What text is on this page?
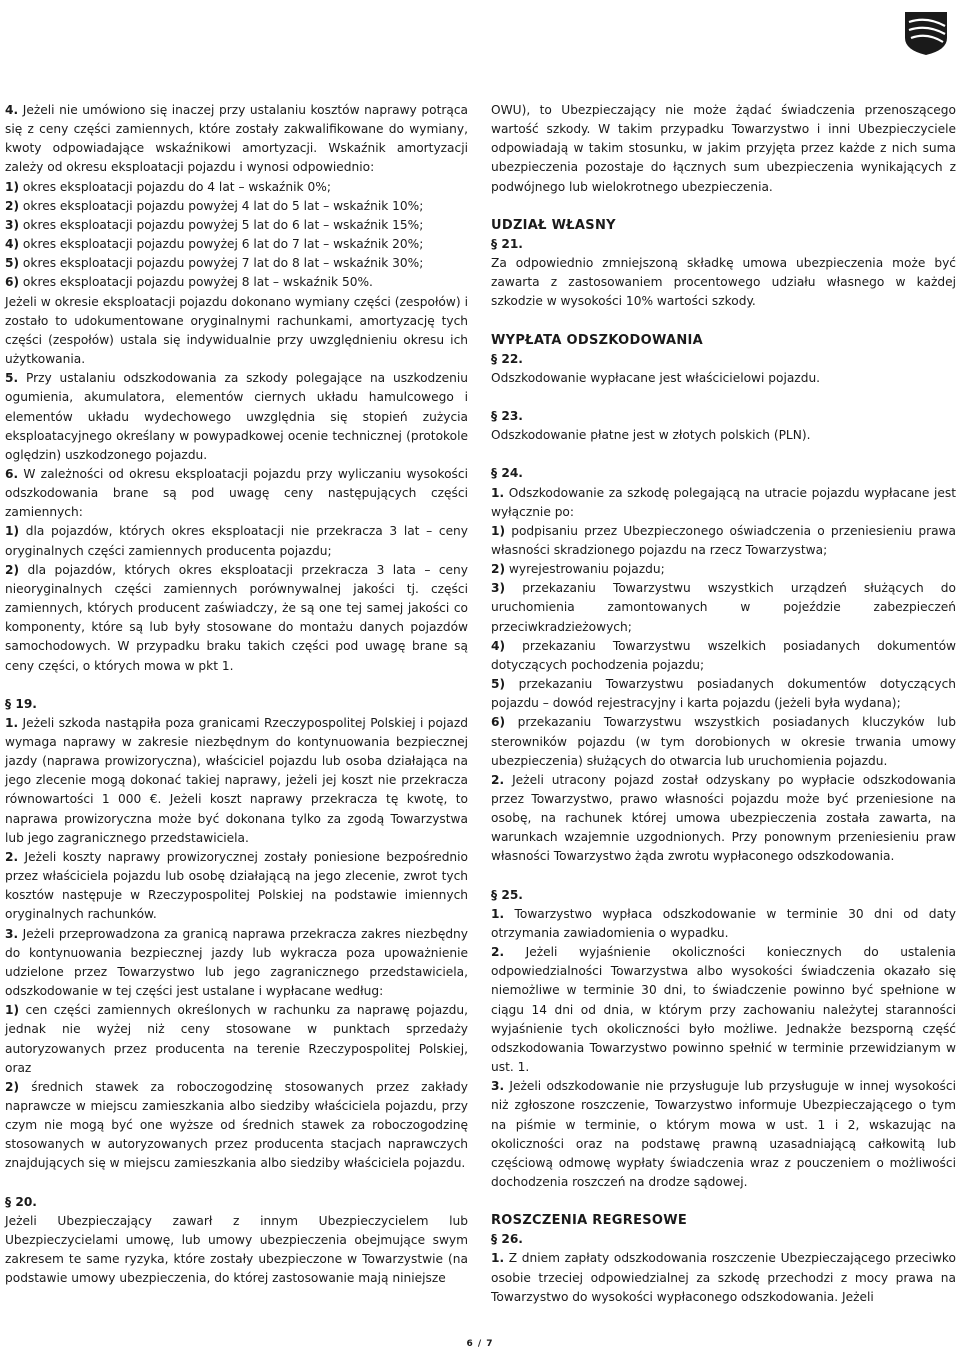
4. Jeżeli nie umówiono się inaczej przy ustalaniu kosztów naprawy potrąca się z ceny części zamiennych, które zostały zakwalifikowane do wymiany, kwoty odpowiadające wskaźnikowi amortyzacji. Wskaźnik amortyzacji zależy od okresu eksploatacji pojazdu i wynosi odpowiednio:

1) okres eksploatacji pojazdu do 4 lat – wskaźnik 0%;

2) okres eksploatacji pojazdu powyżej 4 lat do 5 lat – wskaźnik 10%;

3) okres eksploatacji pojazdu powyżej 5 lat do 6 lat – wskaźnik 15%;

4) okres eksploatacji pojazdu powyżej 6 lat do 7 lat – wskaźnik 20%;

5) okres eksploatacji pojazdu powyżej 7 lat do 8 lat – wskaźnik 30%;

6) okres eksploatacji pojazdu powyżej 8 lat – wskaźnik 50%.

Jeżeli w okresie eksploatacji pojazdu dokonano wymiany części (zespołów) i zostało to udokumentowane oryginalnymi rachunkami, amortyzację tych części (zespołów) ustala się indywidualnie przy uwzględnieniu okresu ich użytkowania.

5. Przy ustalaniu odszkodowania za szkody polegające na uszkodzeniu ogumienia, akumulatora, elementów ciernych układu hamulcowego i elementów układu wydechowego uwzględnia się stopień zużycia eksploatacyjnego określany w powypadkowej ocenie technicznej (protokole oględzin) uszkodzonego pojazdu.

6. W zależności od okresu eksploatacji pojazdu przy wyliczaniu wysokości odszkodowania brane są pod uwagę ceny następujących części zamiennych:

1) dla pojazdów, których okres eksploatacji nie przekracza 3 lat – ceny oryginalnych części zamiennych producenta pojazdu;

2) dla pojazdów, których okres eksploatacji przekracza 3 lata – ceny nieoryginalnych części zamiennych porównywalnej jakości tj. części zamiennych, których producent zaświadczy, że są one tej samej jakości co komponenty, które są lub były stosowane do montażu danych pojazdów samochodowych. W przypadku braku takich części pod uwagę brane są ceny części, o których mowa w pkt 1.

§ 19.

1. Jeżeli szkoda nastąpiła poza granicami Rzeczypospolitej Polskiej i pojazd wymaga naprawy w zakresie niezbędnym do kontynuowania bezpiecznej jazdy (naprawa prowizoryczna), właściciel pojazdu lub osoba działająca na jego zlecenie mogą dokonać takiej naprawy, jeżeli jej koszt nie przekracza równowartości 1 000 €. Jeżeli koszt naprawy przekracza tę kwotę, to naprawa prowizoryczna może być dokonana tylko za zgodą Towarzystwa lub jego zagranicznego przedstawiciela.

2. Jeżeli koszty naprawy prowizorycznej zostały poniesione bezpośrednio przez właściciela pojazdu lub osobę działającą na jego zlecenie, zwrot tych kosztów następuje w Rzeczypospolitej Polskiej na podstawie imiennych oryginalnych rachunków.

3. Jeżeli przeprowadzona za granicą naprawa przekracza zakres niezbędny do kontynuowania bezpiecznej jazdy lub wykracza poza upoważnienie udzielone przez Towarzystwo lub jego zagranicznego przedstawiciela, odszkodowanie w tej części jest ustalane i wypłacane według:

1) cen części zamiennych określonych w rachunku za naprawę pojazdu, jednak nie wyżej niż ceny stosowane w punktach sprzedaży autoryzowanych przez producenta na terenie Rzeczypospolitej Polskiej, oraz

2) średnich stawek za roboczogodzinę stosowanych przez zakłady naprawcze w miejscu zamieszkania albo siedziby właściciela pojazdu, przy czym nie mogą być one wyższe od średnich stawek za roboczogodzinę stosowanych w autoryzowanych przez producenta stacjach naprawczych znajdujących się w miejscu zamieszkania albo siedziby właściciela pojazdu.

§ 20.

Jeżeli Ubezpieczający zawarł z innym Ubezpieczycielem lub Ubezpieczycielami umowę, lub umowy ubezpieczenia obejmujące swym zakresem te same ryzyka, które zostały ubezpieczone w Towarzystwie (na podstawie umowy ubezpieczenia, do której zastosowanie mają niniejsze

OWU), to Ubezpieczający nie może żądać świadczenia przenoszącego wartość szkody. W takim przypadku Towarzystwo i inni Ubezpieczyciele odpowiadają w takim stosunku, w jakim przyjęta przez każde z nich suma ubezpieczenia pozostaje do łącznych sum ubezpieczenia wynikających z podwójnego lub wielokrotnego ubezpieczenia.

UDZIAŁ WŁASNY

§ 21.

Za odpowiednio zmniejszoną składkę umowa ubezpieczenia może być zawarta z zastosowaniem procentowego udziału własnego w każdej szkodzie w wysokości 10% wartości szkody.

WYPŁATA ODSZKODOWANIA

§ 22.

Odszkodowanie wypłacane jest właścicielowi pojazdu.

§ 23.

Odszkodowanie płatne jest w złotych polskich (PLN).

§ 24.

1. Odszkodowanie za szkodę polegającą na utracie pojazdu wypłacane jest wyłącznie po:

1) podpisaniu przez Ubezpieczonego oświadczenia o przeniesieniu prawa własności skradzionego pojazdu na rzecz Towarzystwa;

2) wyrejestrowaniu pojazdu;

3) przekazaniu Towarzystwu wszystkich urządzeń służących do uruchomienia zamontowanych w pojeździe zabezpieczeń przeciwkradzieżowych;

4) przekazaniu Towarzystwu wszelkich posiadanych dokumentów dotyczących pochodzenia pojazdu;

5) przekazaniu Towarzystwu posiadanych dokumentów dotyczących pojazdu – dowód rejestracyjny i karta pojazdu (jeżeli była wydana);

6) przekazaniu Towarzystwu wszystkich posiadanych kluczyków lub sterowników pojazdu (w tym dorobionych w okresie trwania umowy ubezpieczenia) służących do otwarcia lub uruchomienia pojazdu.

2. Jeżeli utracony pojazd został odzyskany po wypłacie odszkodowania przez Towarzystwo, prawo własności pojazdu może być przeniesione na osobę, na rachunek której umowa ubezpieczenia została zawarta, na warunkach wzajemnie uzgodnionych. Przy ponownym przeniesieniu praw własności Towarzystwo żąda zwrotu wypłaconego odszkodowania.

§ 25.

1. Towarzystwo wypłaca odszkodowanie w terminie 30 dni od daty otrzymania zawiadomienia o wypadku.

2. Jeżeli wyjaśnienie okoliczności koniecznych do ustalenia odpowiedzialności Towarzystwa albo wysokości świadczenia okazało się niemożliwe w terminie 30 dni, to świadczenie powinno być spełnione w ciągu 14 dni od dnia, w którym przy zachowaniu należytej staranności wyjaśnienie tych okoliczności było możliwe. Jednakże bezsporną część odszkodowania Towarzystwo powinno spełnić w terminie przewidzianym w ust. 1.

3. Jeżeli odszkodowanie nie przysługuje lub przysługuje w innej wysokości niż zgłoszone roszczenie, Towarzystwo informuje Ubezpieczającego o tym na piśmie w terminie, o którym mowa w ust. 1 i 2, wskazując na okoliczności oraz na podstawę prawną uzasadniającą całkowitą lub częściową odmowę wypłaty świadczenia wraz z pouczeniem o możliwości dochodzenia roszczeń na drodze sądowej.

ROSZCZENIA REGRESOWE

§ 26.

1. Z dniem zapłaty odszkodowania roszczenie Ubezpieczającego przeciwko osobie trzeciej odpowiedzialnej za szkodę przechodzi z mocy prawa na Towarzystwo do wysokości wypłaconego odszkodowania. Jeżeli

6 / 7
